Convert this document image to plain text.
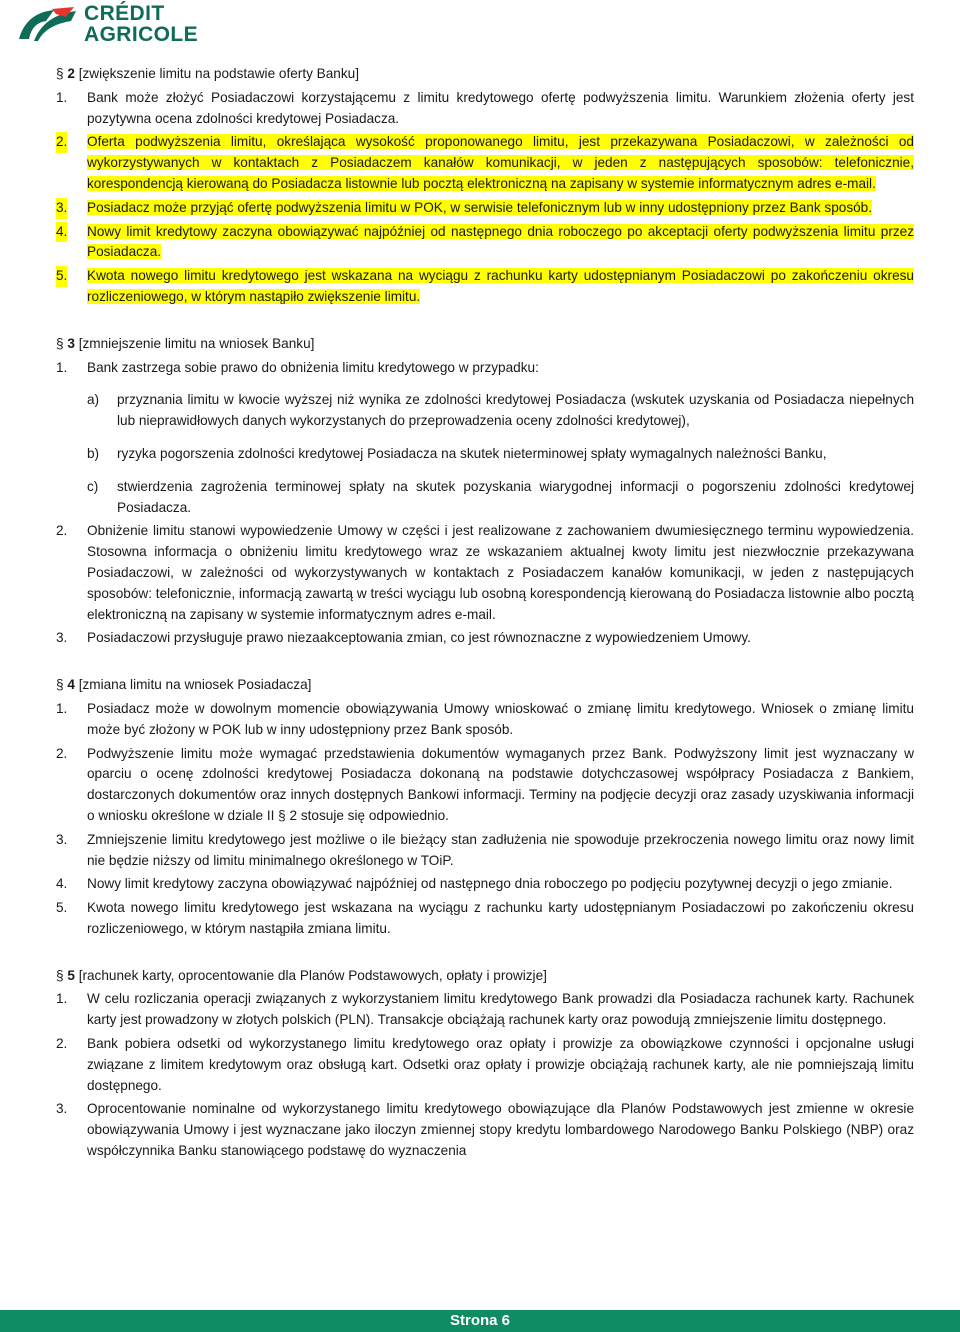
CRÉDIT
AGRICOLE

§ 2 [zwiększenie limitu na podstawie oferty Banku]

1. Bank może złożyć Posiadaczowi korzystającemu z limitu kredytowego ofertę podwyższenia limitu. Warunkiem złożenia oferty jest pozytywna ocena zdolności kredytowej Posiadacza.

2. Oferta podwyższenia limitu, określająca wysokość proponowanego limitu, jest przekazywana Posiadaczowi, w zależności od wykorzystywanych w kontaktach z Posiadaczem kanałów komunikacji, w jeden z następujących sposobów: telefonicznie, korespondencją kierowaną do Posiadacza listownie lub pocztą elektroniczną na zapisany w systemie informatycznym adres e-mail.

3. Posiadacz może przyjąć ofertę podwyższenia limitu w POK, w serwisie telefonicznym lub w inny udostępniony przez Bank sposób.

4. Nowy limit kredytowy zaczyna obowiązywać najpóźniej od następnego dnia roboczego po akceptacji oferty podwyższenia limitu przez Posiadacza.

5. Kwota nowego limitu kredytowego jest wskazana na wyciągu z rachunku karty udostępnianym Posiadaczowi po zakończeniu okresu rozliczeniowego, w którym nastąpiło zwiększenie limitu.

§ 3 [zmniejszenie limitu na wniosek Banku]

1. Bank zastrzega sobie prawo do obniżenia limitu kredytowego w przypadku:

a) przyznania limitu w kwocie wyższej niż wynika ze zdolności kredytowej Posiadacza (wskutek uzyskania od Posiadacza niepełnych lub nieprawidłowych danych wykorzystanych do przeprowadzenia oceny zdolności kredytowej),

b) ryzyka pogorszenia zdolności kredytowej Posiadacza na skutek nieterminowej spłaty wymagalnych należności Banku,

c) stwierdzenia zagrożenia terminowej spłaty na skutek pozyskania wiarygodnej informacji o pogorszeniu zdolności kredytowej Posiadacza.

2. Obniżenie limitu stanowi wypowiedzenie Umowy w części i jest realizowane z zachowaniem dwumiesięcznego terminu wypowiedzenia. Stosowna informacja o obniżeniu limitu kredytowego wraz ze wskazaniem aktualnej kwoty limitu jest niezwłocznie przekazywana Posiadaczowi, w zależności od wykorzystywanych w kontaktach z Posiadaczem kanałów komunikacji, w jeden z następujących sposobów: telefonicznie, informacją zawartą w treści wyciągu lub osobną korespondencją kierowaną do Posiadacza listownie albo pocztą elektroniczną na zapisany w systemie informatycznym adres e-mail.

3. Posiadaczowi przysługuje prawo niezaakceptowania zmian, co jest równoznaczne z wypowiedzeniem Umowy.

§ 4 [zmiana limitu na wniosek Posiadacza]

1. Posiadacz może w dowolnym momencie obowiązywania Umowy wnioskować o zmianę limitu kredytowego. Wniosek o zmianę limitu może być złożony w POK lub w inny udostępniony przez Bank sposób.

2. Podwyższenie limitu może wymagać przedstawienia dokumentów wymaganych przez Bank. Podwyższony limit jest wyznaczany w oparciu o ocenę zdolności kredytowej Posiadacza dokonaną na podstawie dotychczasowej współpracy Posiadacza z Bankiem, dostarczonych dokumentów oraz innych dostępnych Bankowi informacji. Terminy na podjęcie decyzji oraz zasady uzyskiwania informacji o wniosku określone w dziale II § 2 stosuje się odpowiednio.

3. Zmniejszenie limitu kredytowego jest możliwe o ile bieżący stan zadłużenia nie spowoduje przekroczenia nowego limitu oraz nowy limit nie będzie niższy od limitu minimalnego określonego w TOiP.

4. Nowy limit kredytowy zaczyna obowiązywać najpóźniej od następnego dnia roboczego po podjęciu pozytywnej decyzji o jego zmianie.

5. Kwota nowego limitu kredytowego jest wskazana na wyciągu z rachunku karty udostępnianym Posiadaczowi po zakończeniu okresu rozliczeniowego, w którym nastąpiła zmiana limitu.

§ 5 [rachunek karty, oprocentowanie dla Planów Podstawowych, opłaty i prowizje]

1. W celu rozliczania operacji związanych z wykorzystaniem limitu kredytowego Bank prowadzi dla Posiadacza rachunek karty. Rachunek karty jest prowadzony w złotych polskich (PLN). Transakcje obciążają rachunek karty oraz powodują zmniejszenie limitu dostępnego.

2. Bank pobiera odsetki od wykorzystanego limitu kredytowego oraz opłaty i prowizje za obowiązkowe czynności i opcjonalne usługi związane z limitem kredytowym oraz obsługą kart. Odsetki oraz opłaty i prowizje obciążają rachunek karty, ale nie pomniejszają limitu dostępnego.

3. Oprocentowanie nominalne od wykorzystanego limitu kredytowego obowiązujące dla Planów Podstawowych jest zmienne w okresie obowiązywania Umowy i jest wyznaczane jako iloczyn zmiennej stopy kredytu lombardowego Narodowego Banku Polskiego (NBP) oraz współczynnika Banku stanowiącego podstawę do wyznaczenia

Strona 6
